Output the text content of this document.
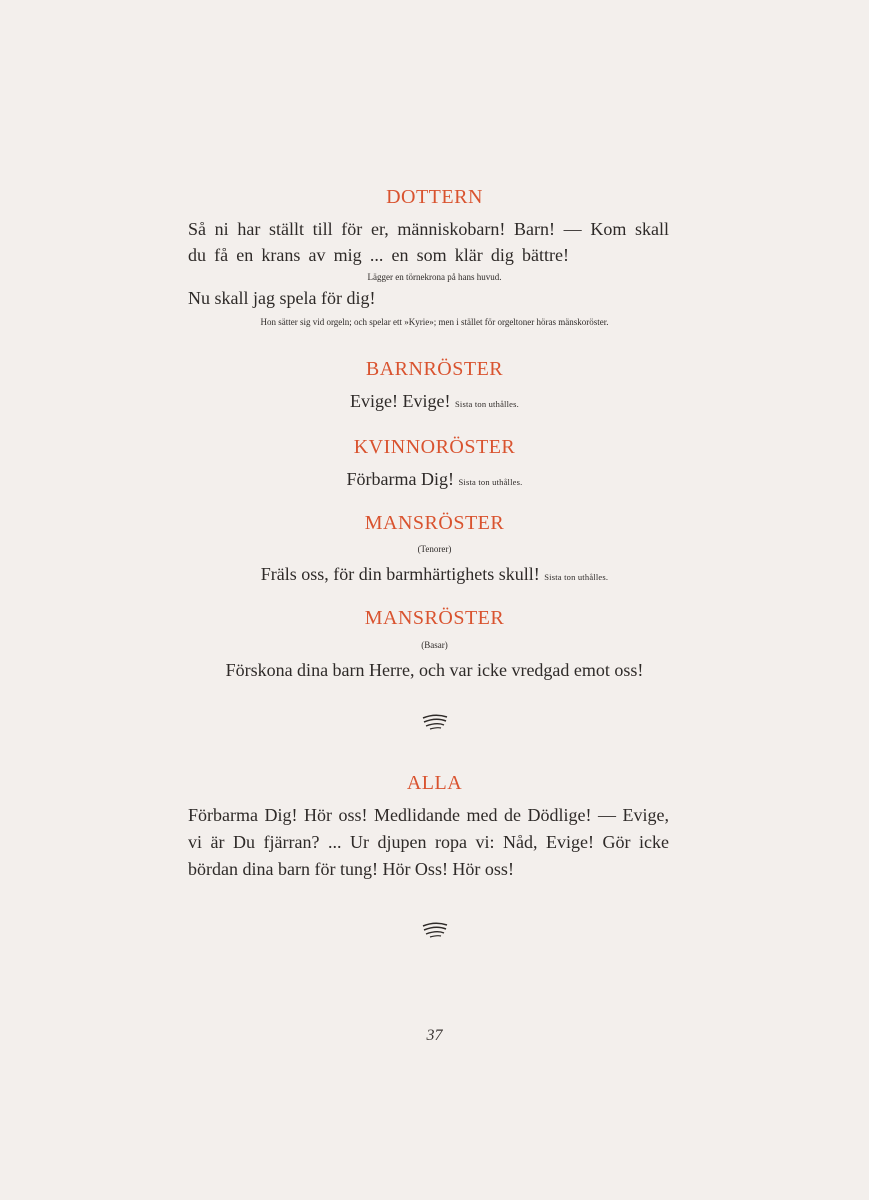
DOTTERN
Så ni har ställt till för er, människobarn! Barn! — Kom skall
du få en krans av mig ... en som klär dig bättre!
Lägger en törnekrona på hans huvud.
Nu skall jag spela för dig!
Hon sätter sig vid orgeln; och spelar ett »Kyrie»; men i stället för orgeltoner höras mänskoröster.
BARNRÖSTER
Evige! Evige! Sista ton uthålles.
KVINNORÖSTER
Förbarma Dig! Sista ton uthålles.
MANSRÖSTER
(Tenorer)
Fräls oss, för din barmhärtighets skull! Sista ton uthålles.
MANSRÖSTER
(Basar)
Förskona dina barn Herre, och var icke vredgad emot oss!
ALLA
Förbarma Dig! Hör oss! Medlidande med de Dödlige! — Evige,
vi är Du fjärran? ... Ur djupen ropa vi: Nåd, Evige! Gör icke
bördan dina barn för tung! Hör Oss! Hör oss!
37
